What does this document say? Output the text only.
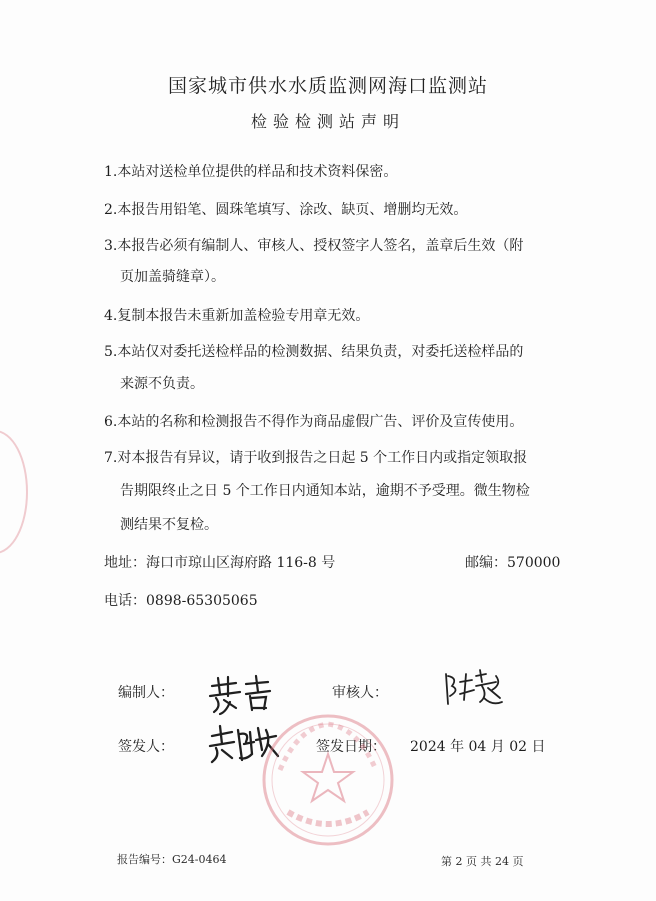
国家城市供水水质监测网海口监测站
检验检测站声明
1.本站对送检单位提供的样品和技术资料保密。
2.本报告用铅笔、圆珠笔填写、涂改、缺页、增删均无效。
3.本报告必须有编制人、审核人、授权签字人签名，盖章后生效（附
页加盖骑缝章）。
4.复制本报告未重新加盖检验专用章无效。
5.本站仅对委托送检样品的检测数据、结果负责，对委托送检样品的
来源不负责。
6.本站的名称和检测报告不得作为商品虚假广告、评价及宣传使用。
7.对本报告有异议，请于收到报告之日起 5 个工作日内或指定领取报
告期限终止之日 5 个工作日内通知本站，逾期不予受理。微生物检
测结果不复检。
地址：海口市琼山区海府路 116-8 号	邮编：570000
电话：0898-65305065
编制人：	审核人：
签发人：	签发日期： 2024 年 04 月 02 日
报告编号：G24-0464	第 2 页 共 24 页
